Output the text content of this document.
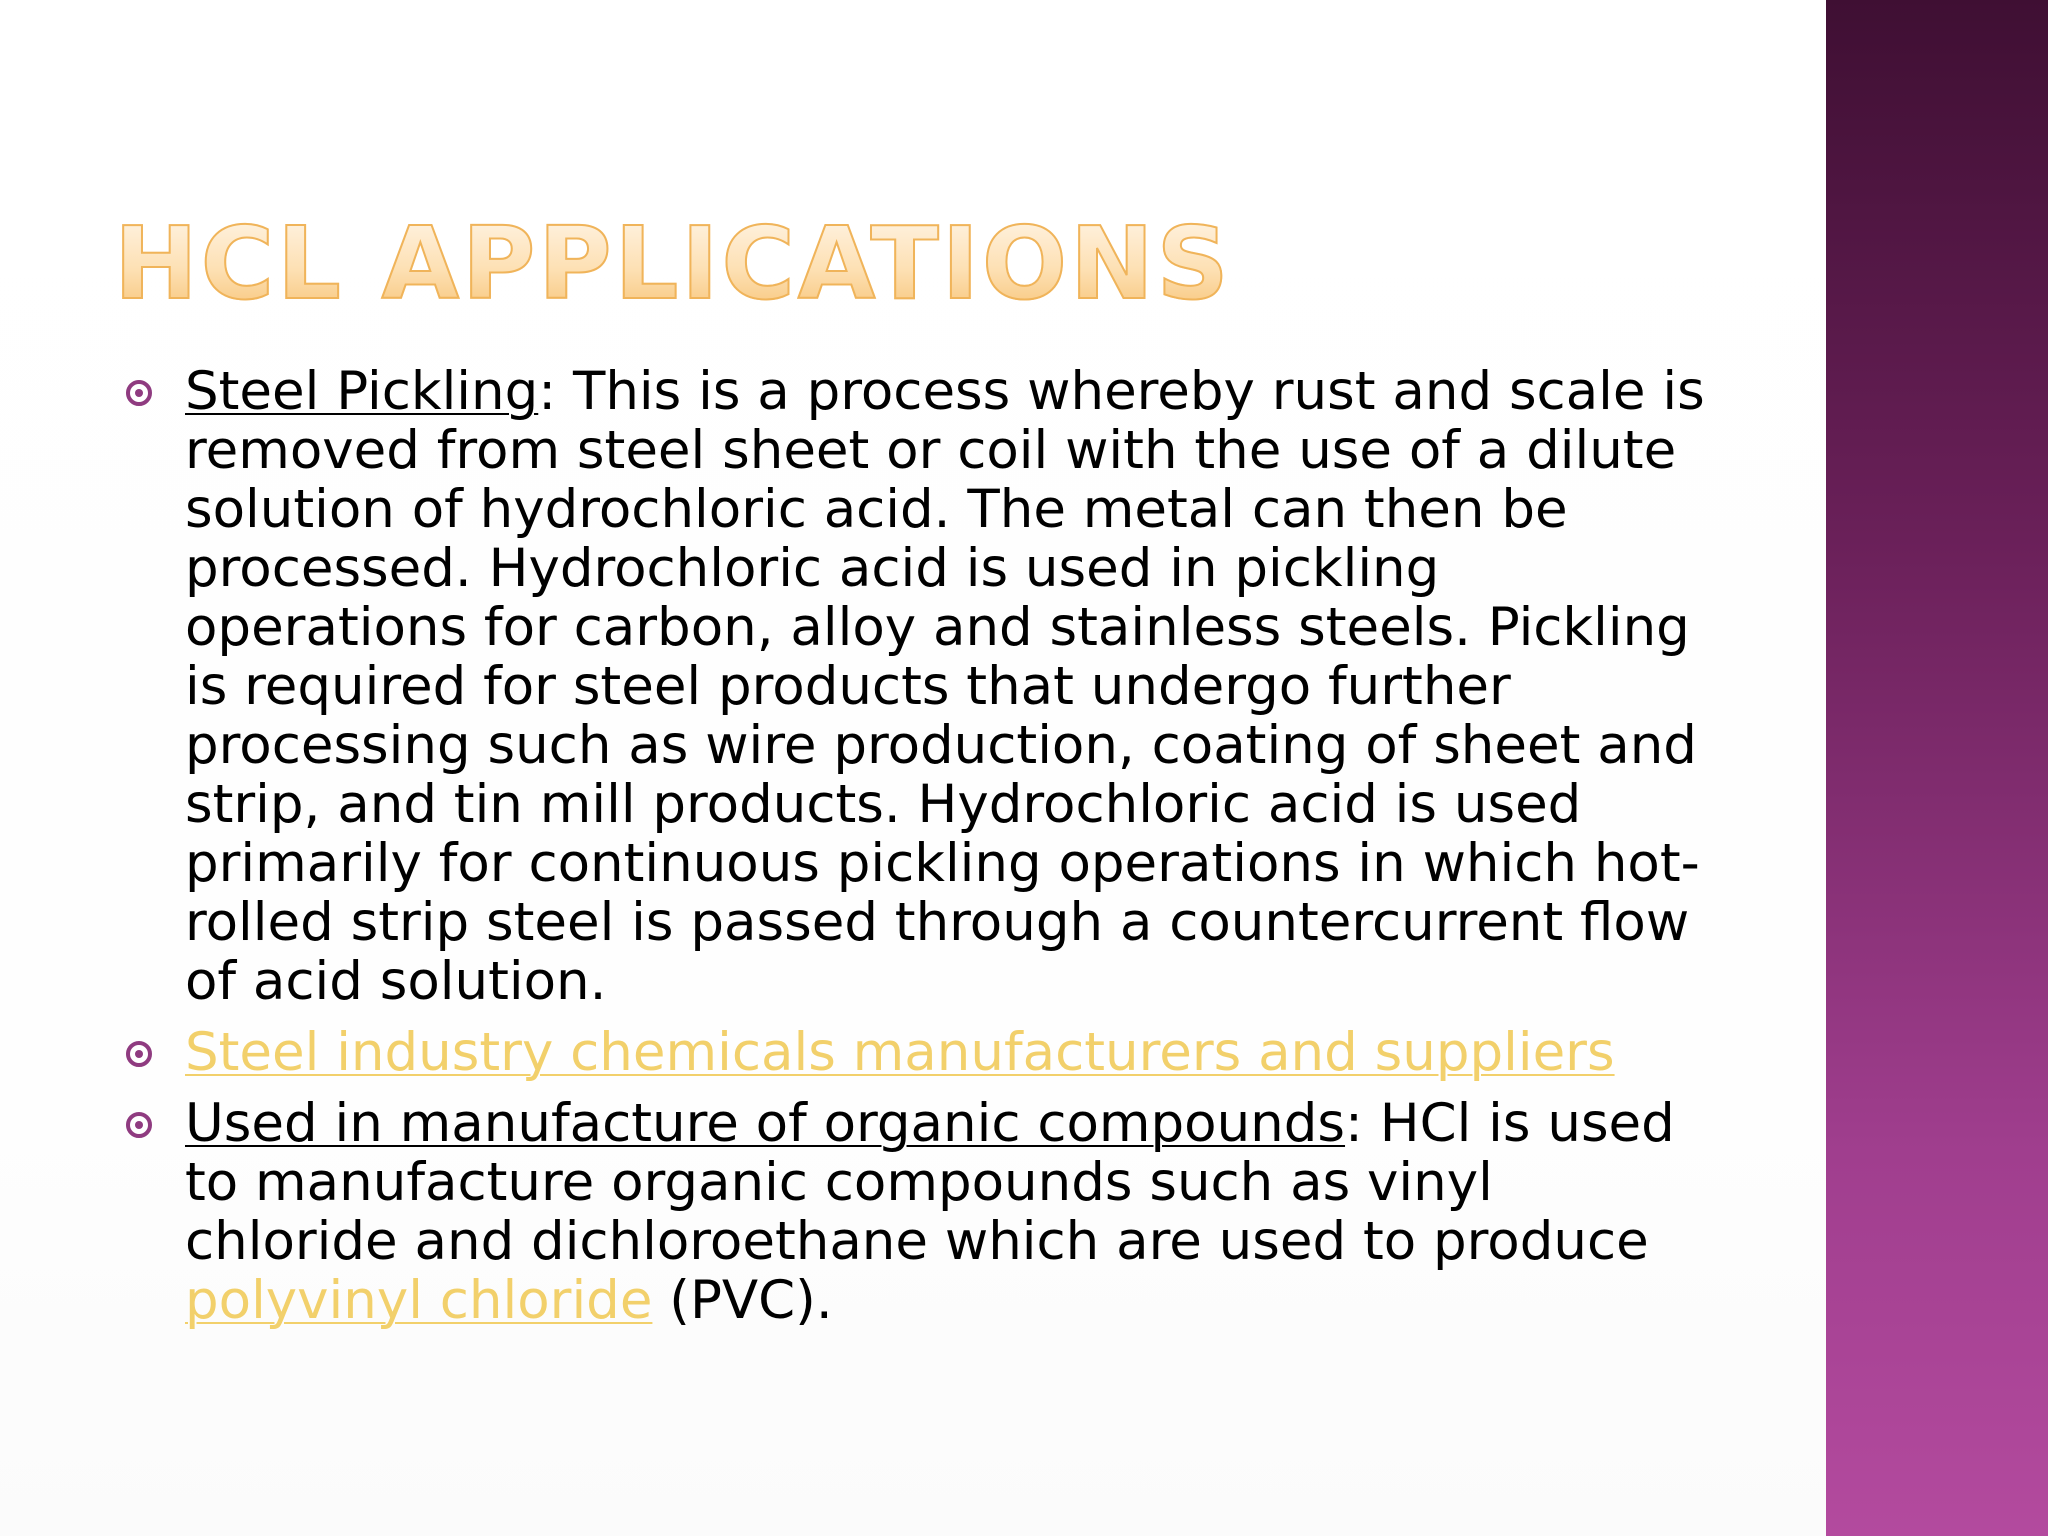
HCL APPLICATIONS
Steel Pickling: This is a process whereby rust and scale is removed from steel sheet or coil with the use of a dilute solution of hydrochloric acid. The metal can then be processed. Hydrochloric acid is used in pickling operations for carbon, alloy and stainless steels. Pickling is required for steel products that undergo further processing such as wire production, coating of sheet and strip, and tin mill products. Hydrochloric acid is used primarily for continuous pickling operations in which hot-rolled strip steel is passed through a countercurrent flow of acid solution.
Steel industry chemicals manufacturers and suppliers
Used in manufacture of organic compounds: HCl is used to manufacture organic compounds such as vinyl chloride and dichloroethane which are used to produce polyvinyl chloride (PVC).
